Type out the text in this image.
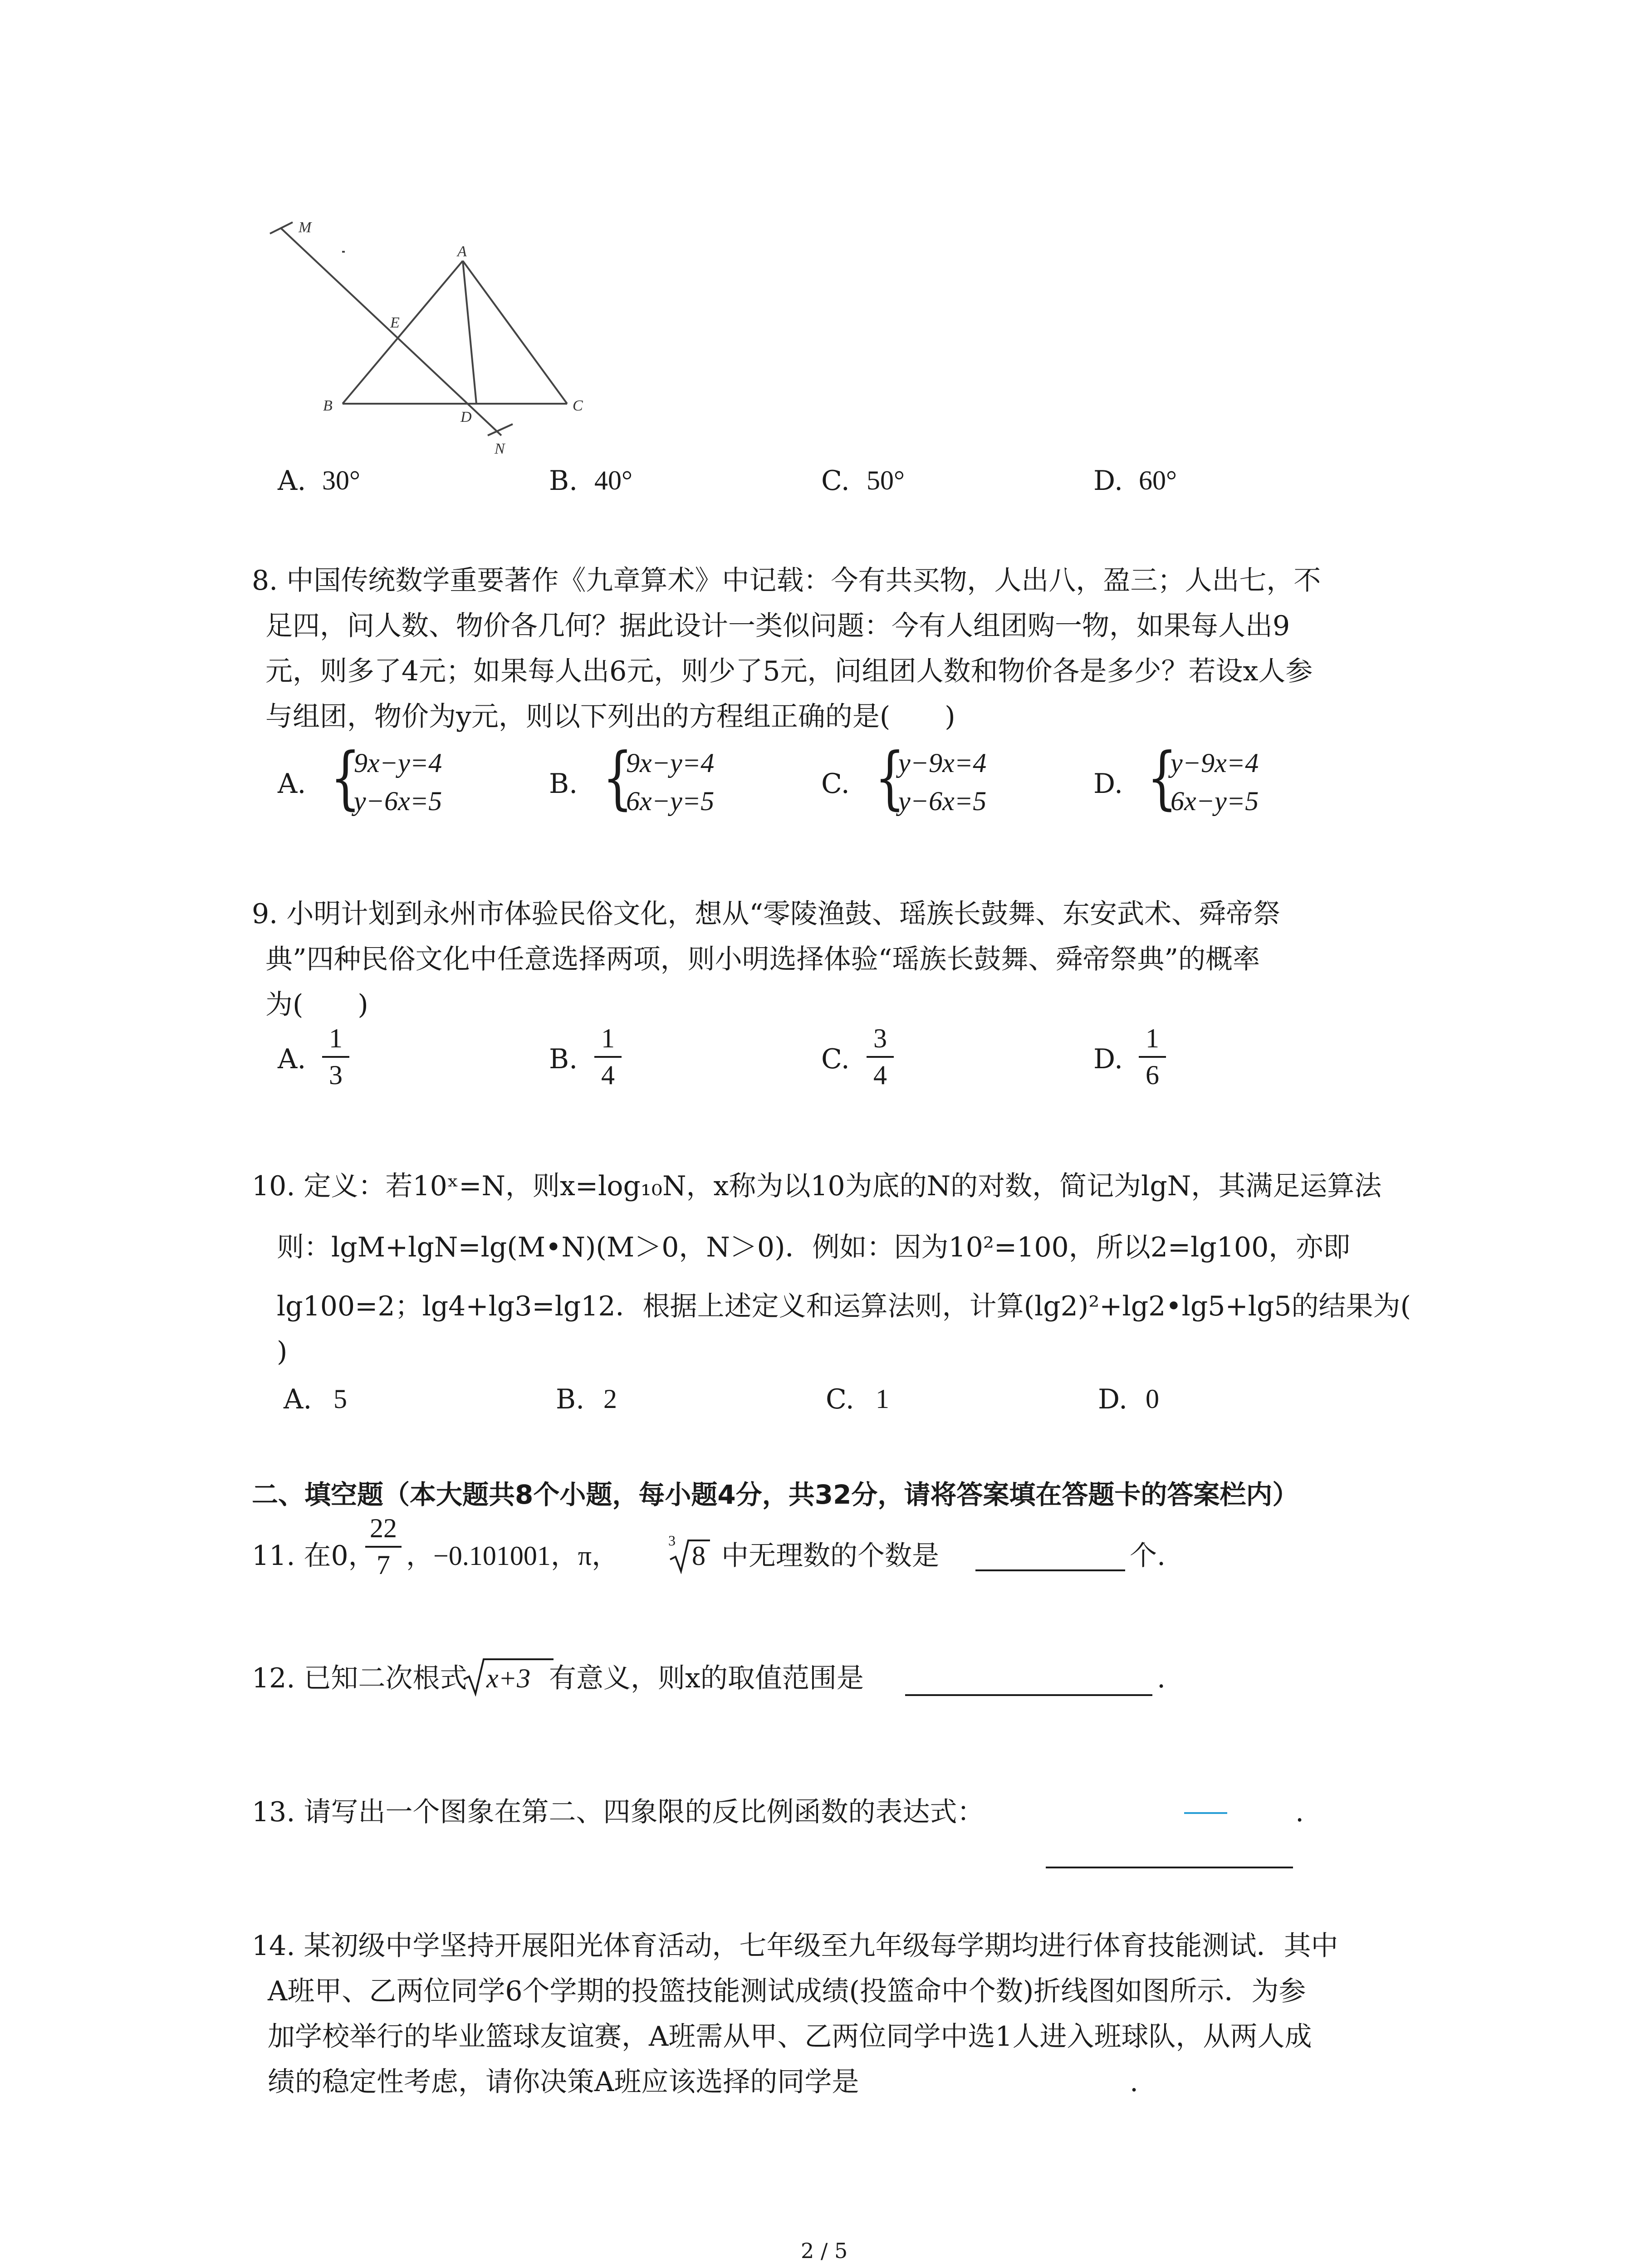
M
A
E
B
D
C
N
A. 30°	B. 40°	C. 50°	D. 60°
8. 中国传统数学重要著作《九章算术》中记载：今有共买物，人出八，盈三；人出七，不
足四，问人数、物价各几何？据此设计一类似问题：今有人组团购一物，如果每人出9
元，则多了4元；如果每人出6元，则少了5元，问组团人数和物价各是多少？若设x人参
与组团，物价为y元，则以下列出的方程组正确的是(　　)
A. {
9x−y=4
y−6x=5
B. {
9x−y=4
6x−y=5
C. {
y−9x=4
y−6x=5
D. {
y−9x=4
6x−y=5
9. 小明计划到永州市体验民俗文化，想从“零陵渔鼓、瑶族长鼓舞、东安武术、舜帝祭
典”四种民俗文化中任意选择两项，则小明选择体验“瑶族长鼓舞、舜帝祭典”的概率
为(　　)
A.
1
3	B.
1
4	C.
3
4	D.
1
6
10. 定义：若10ˣ=N，则x=log₁₀N，x称为以10为底的N的对数，简记为lgN，其满足运算法
则：lgM+lgN=lg(M•N)(M＞0，N＞0)．例如：因为10²=100，所以2=lg100，亦即
lg100=2；lg4+lg3=lg12．根据上述定义和运算法则，计算(lg2)²+lg2•lg5+lg5的结果为(
)
A. 5	B. 2	C. 1	D. 0
二、填空题（本大题共8个小题，每小题4分，共32分，请将答案填在答题卡的答案栏内）
11. 在0，
22
7 ，−0.101001，π，
3
8 中无理数的个数是	个.
12. 已知二次根式 x+3 有意义，则x的取值范围是	.
13. 请写出一个图象在第二、四象限的反比例函数的表达式：	.
14. 某初级中学坚持开展阳光体育活动，七年级至九年级每学期均进行体育技能测试．其中
A班甲、乙两位同学6个学期的投篮技能测试成绩(投篮命中个数)折线图如图所示．为参
加学校举行的毕业篮球友谊赛，A班需从甲、乙两位同学中选1人进入班球队，从两人成
绩的稳定性考虑，请你决策A班应该选择的同学是	.
2 / 5
